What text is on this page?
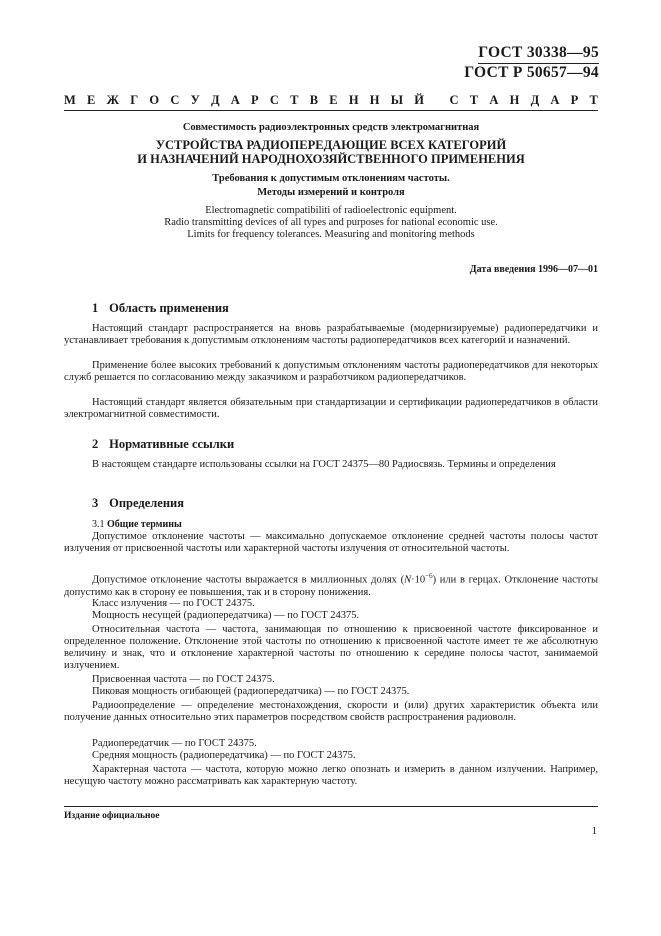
ГОСТ 30338—95
ГОСТ Р 50657—94
М Е Ж Г О С У Д А Р С Т В Е Н Н Ы Й
С Т А Н Д А Р Т
Совместимость радиоэлектронных средств электромагнитная
УСТРОЙСТВА РАДИОПЕРЕДАЮЩИЕ ВСЕХ КАТЕГОРИЙ
И НАЗНАЧЕНИЙ НАРОДНОХОЗЯЙСТВЕННОГО ПРИМЕНЕНИЯ
Требования к допустимым отклонениям частоты.
Методы измерений и контроля
Electromagnetic compatibiliti of radioelectronic equipment.
Radio transmitting devices of all types and purposes for national economic use.
Limits for frequency tolerances. Measuring and monitoring methods
Дата введения 1996—07—01
1 Область применения
Настоящий стандарт распространяется на вновь разрабатываемые (модернизируемые) радиопередатчики и устанавливает требования к допустимым отклонениям частоты радиопередатчиков всех категорий и назначений.
Применение более высоких требований к допустимым отклонениям частоты радиопередатчиков для некоторых служб решается по согласованию между заказчиком и разработчиком радиопередатчиков.
Настоящий стандарт является обязательным при стандартизации и сертификации радиопередатчиков в области электромагнитной совместимости.
2 Нормативные ссылки
В настоящем стандарте использованы ссылки на ГОСТ 24375—80 Радиосвязь. Термины и определения
3 Определения
3.1 Общие термины
Допустимое отклонение частоты — максимально допускаемое отклонение средней частоты полосы частот излучения от присвоенной частоты или характерной частоты излучения от относительной частоты.
Допустимое отклонение частоты выражается в миллионных долях $(N\cdot 10^{-6})$ или в герцах. Отклонение частоты допустимо как в сторону ее повышения, так и в сторону понижения.
Класс излучения — по ГОСТ 24375.
Мощность несущей (радиопередатчика) — по ГОСТ 24375.
Относительная частота — частота, занимающая по отношению к присвоенной частоте фиксированное и определенное положение. Отклонение этой частоты по отношению к присвоенной частоте имеет те же абсолютную величину и знак, что и отклонение характерной частоты по отношению к середине полосы частот, занимаемой излучением.
Присвоенная частота — по ГОСТ 24375.
Пиковая мощность огибающей (радиопередатчика) — по ГОСТ 24375.
Радиоопределение — определение местонахождения, скорости и (или) других характеристик объекта или получение данных относительно этих параметров посредством свойств распространения радиоволн.
Радиопередатчик — по ГОСТ 24375.
Средняя мощность (радиопередатчика) — по ГОСТ 24375.
Характерная частота — частота, которую можно легко опознать и измерить в данном излучении. Например, несущую частоту можно рассматривать как характерную частоту.
Издание официальное
1
